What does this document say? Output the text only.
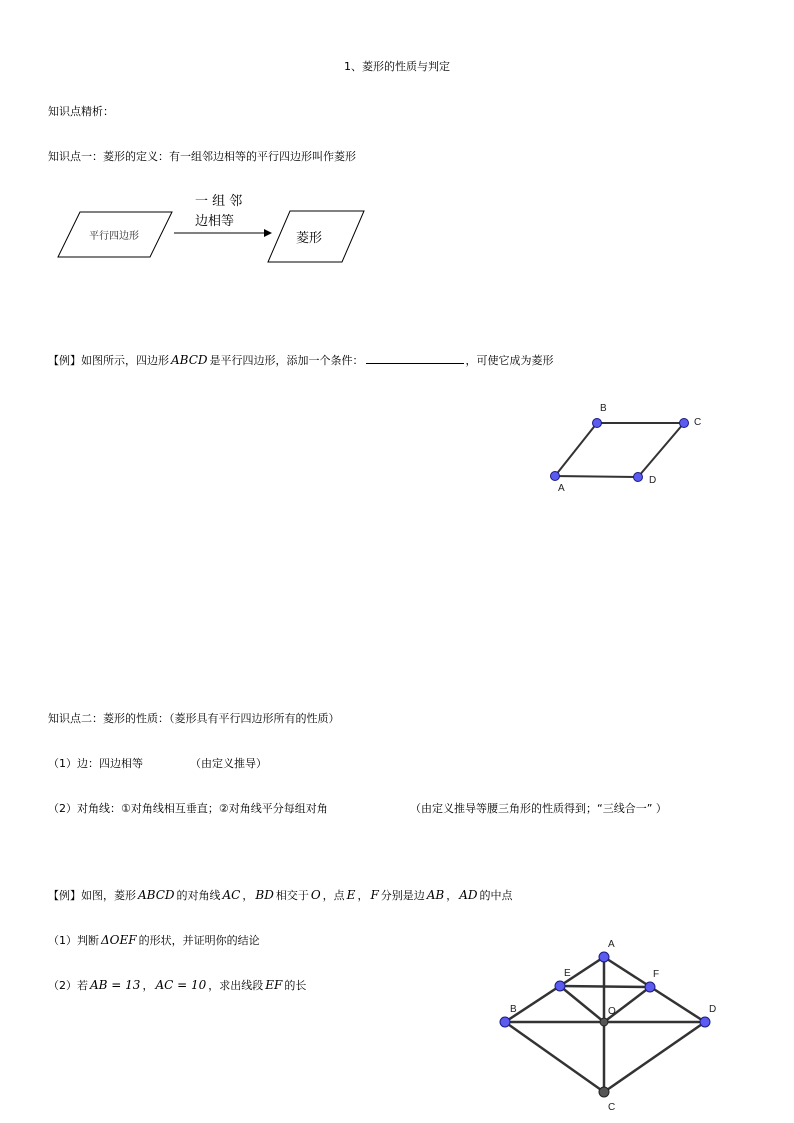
1、菱形的性质与判定
知识点精析：
知识点一：菱形的定义：有一组邻边相等的平行四边形叫作菱形
平行四边形
一 组 邻
边相等
菱形
【例】如图所示，四边形 ABCD 是平行四边形，添加一个条件：	，可使它成为菱形
A
B
C
D
知识点二：菱形的性质：（菱形具有平行四边形所有的性质）
（1）边：四边相等	（由定义推导）
（2）对角线：①对角线相互垂直；②对角线平分每组对角	（由定义推导等腰三角形的性质得到；“三线合一” ）
【例】如图，菱形 ABCD 的对角线 AC ， BD 相交于 O ，点 E ， F 分别是边 AB ， AD 的中点
（1）判断 ΔOEF 的形状，并证明你的结论
（2）若 AB = 13 ， AC = 10 ，求出线段 EF 的长
A
B
C
D
E	F
O
